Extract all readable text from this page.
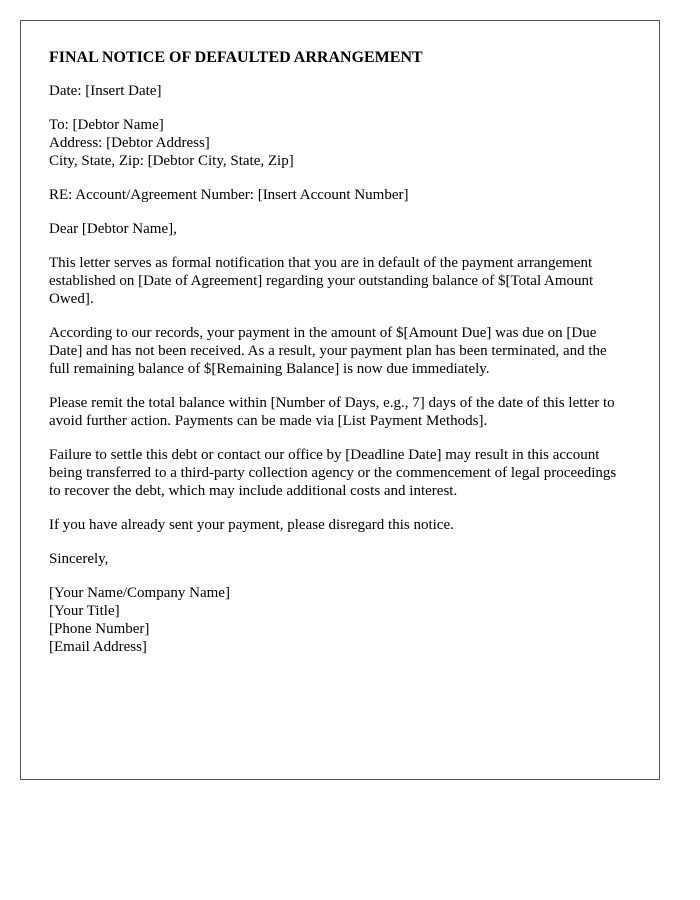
FINAL NOTICE OF DEFAULTED ARRANGEMENT
Date: [Insert Date]
To: [Debtor Name]
Address: [Debtor Address]
City, State, Zip: [Debtor City, State, Zip]
RE: Account/Agreement Number: [Insert Account Number]
Dear [Debtor Name],
This letter serves as formal notification that you are in default of the payment arrangement established on [Date of Agreement] regarding your outstanding balance of $[Total Amount Owed].
According to our records, your payment in the amount of $[Amount Due] was due on [Due Date] and has not been received. As a result, your payment plan has been terminated, and the full remaining balance of $[Remaining Balance] is now due immediately.
Please remit the total balance within [Number of Days, e.g., 7] days of the date of this letter to avoid further action. Payments can be made via [List Payment Methods].
Failure to settle this debt or contact our office by [Deadline Date] may result in this account being transferred to a third-party collection agency or the commencement of legal proceedings to recover the debt, which may include additional costs and interest.
If you have already sent your payment, please disregard this notice.
Sincerely,
[Your Name/Company Name]
[Your Title]
[Phone Number]
[Email Address]
